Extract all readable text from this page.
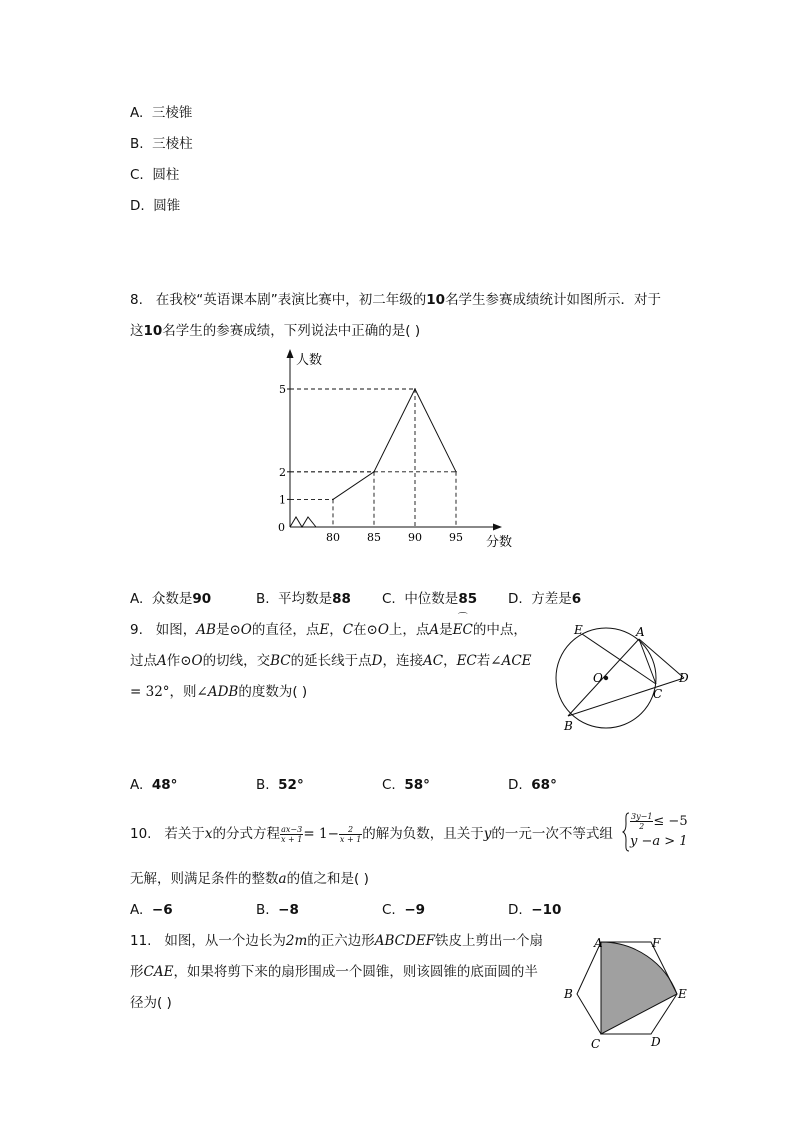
A. 三棱锥
B. 三棱柱
C. 圆柱
D. 圆锥
8. 在我校“英语课本剧”表演比赛中，初二年级的10名学生参赛成绩统计如图所示．对于
这10名学生的参赛成绩，下列说法中正确的是( )
人数
分数
0
80 85 90 95
1
2
5
A. 众数是90	B. 平均数是88 C. 中位数是85 D. 方差是6
9. 如图，AB是⊙O的直径，点E，C在⊙O上，点A是EC
⌒
的中点，
过点A作⊙O的切线，交BC的延长线于点D，连接AC，EC若∠ACE
= 32°，则∠ADB的度数为( )
E	A
O
C
D
B
A. 48°	B. 52°	C. 58°	D. 68°
10. 若关于x的分式方程 $\frac{ax-3}{x + 1} = 1- \frac{2}{x + 1}$ 的解为负数，且关于y的一元一次不等式组
$\frac{3y-1}{2} \le -5$
y −a > 1
无解，则满足条件的整数a的值之和是( )
A. −6	B. −8	C. −9	D. −10
11. 如图，从一个边长为2m的正六边形ABCDEF铁皮上剪出一个扇
形CAE，如果将剪下来的扇形围成一个圆锥，则该圆锥的底面圆的半
径为( )
A	F
B	E
C	D
